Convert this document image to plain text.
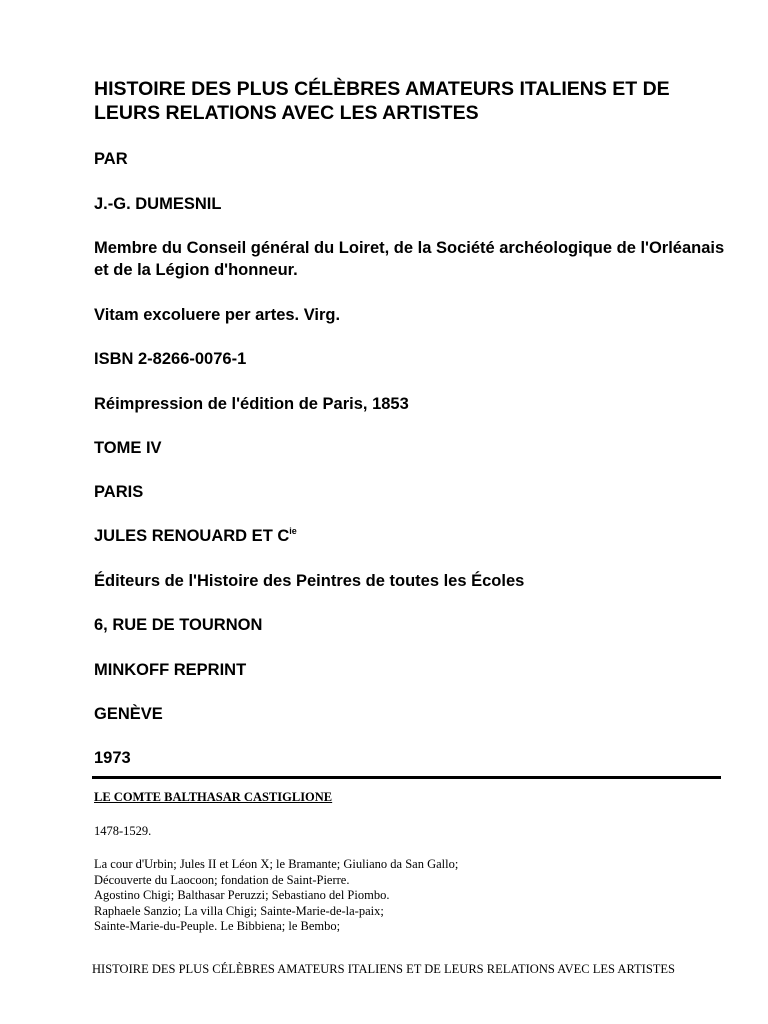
HISTOIRE DES PLUS CÉLÈBRES AMATEURS ITALIENS ET DE LEURS RELATIONS AVEC LES ARTISTES

PAR

J.-G. DUMESNIL

Membre du Conseil général du Loiret, de la Société archéologique de l'Orléanais et de la Légion d'honneur.

Vitam excoluere per artes. Virg.

ISBN 2-8266-0076-1

Réimpression de l'édition de Paris, 1853

TOME IV

PARIS

JULES RENOUARD ET $C^{ie}$

Éditeurs de l'Histoire des Peintres de toutes les Écoles

6, RUE DE TOURNON

MINKOFF REPRINT

GENÈVE

1973

LE COMTE BALTHASAR CASTIGLIONE

1478-1529.

La cour d'Urbin; Jules II et Léon X; le Bramante; Giuliano da San Gallo;
Découverte du Laocoon; fondation de Saint-Pierre.
Agostino Chigi; Balthasar Peruzzi; Sebastiano del Piombo.
Raphaele Sanzio; La villa Chigi; Sainte-Marie-de-la-paix;
Sainte-Marie-du-Peuple. Le Bibbiena; le Bembo;

HISTOIRE DES PLUS CÉLÈBRES AMATEURS ITALIENS ET DE LEURS RELATIONS AVEC LES ARTISTES
